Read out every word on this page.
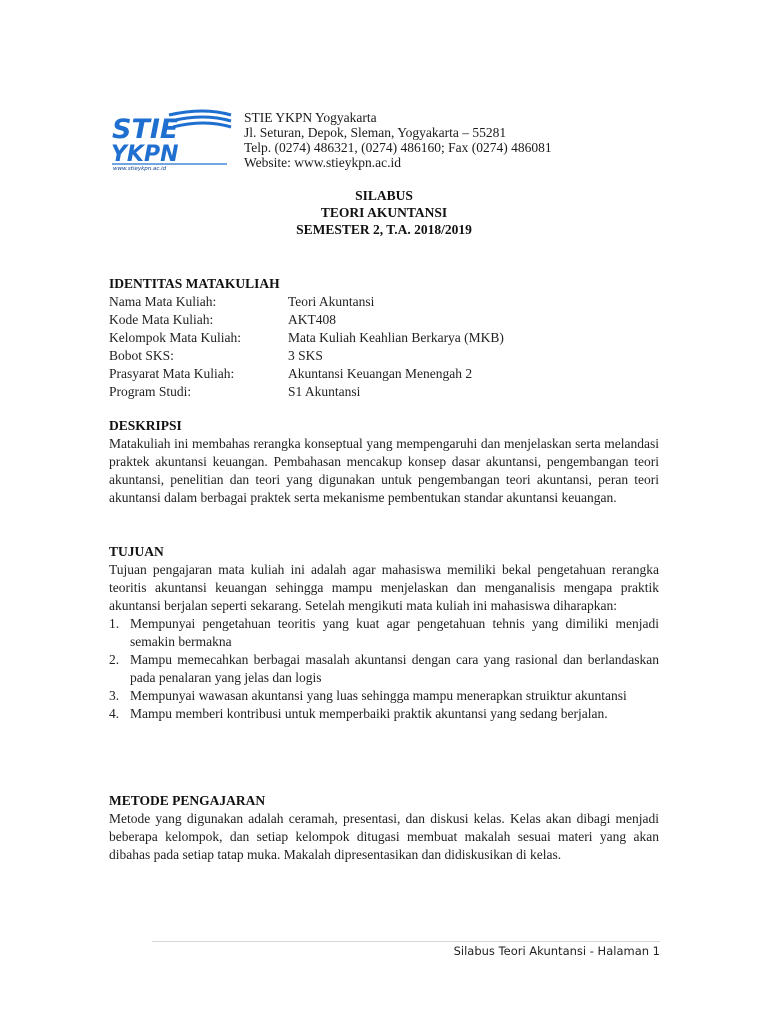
STIE
YKPN
www.stieykpn.ac.id
STIE YKPN Yogyakarta
Jl. Seturan, Depok, Sleman, Yogyakarta – 55281
Telp. (0274) 486321, (0274) 486160; Fax (0274) 486081
Website: www.stieykpn.ac.id
SILABUS
TEORI AKUNTANSI
SEMESTER 2, T.A. 2018/2019
IDENTITAS MATAKULIAH
Nama Mata Kuliah:	Teori Akuntansi
Kode Mata Kuliah:	AKT408
Kelompok Mata Kuliah:	Mata Kuliah Keahlian Berkarya (MKB)
Bobot SKS:	3 SKS
Prasyarat Mata Kuliah:	Akuntansi Keuangan Menengah 2
Program Studi:	S1 Akuntansi
DESKRIPSI

Matakuliah ini membahas rerangka konseptual yang mempengaruhi dan menjelaskan serta melandasi praktek akuntansi keuangan. Pembahasan mencakup konsep dasar akuntansi, pengembangan teori akuntansi, penelitian dan teori yang digunakan untuk pengembangan teori akuntansi, peran teori akuntansi dalam berbagai praktek serta mekanisme pembentukan standar akuntansi keuangan.

TUJUAN

Tujuan pengajaran mata kuliah ini adalah agar mahasiswa memiliki bekal pengetahuan rerangka teoritis akuntansi keuangan sehingga mampu menjelaskan dan menganalisis mengapa praktik akuntansi berjalan seperti sekarang. Setelah mengikuti mata kuliah ini mahasiswa diharapkan:

1. Mempunyai pengetahuan teoritis yang kuat agar pengetahuan tehnis yang dimiliki menjadi semakin bermakna
2. Mampu memecahkan berbagai masalah akuntansi dengan cara yang rasional dan berlandaskan pada penalaran yang jelas dan logis
3. Mempunyai wawasan akuntansi yang luas sehingga mampu menerapkan struiktur akuntansi
4. Mampu memberi kontribusi untuk memperbaiki praktik akuntansi yang sedang berjalan.
METODE PENGAJARAN

Metode yang digunakan adalah ceramah, presentasi, dan diskusi kelas. Kelas akan dibagi menjadi beberapa kelompok, dan setiap kelompok ditugasi membuat makalah sesuai materi yang akan dibahas pada setiap tatap muka. Makalah dipresentasikan dan didiskusikan di kelas.

Silabus Teori Akuntansi - Halaman 1
